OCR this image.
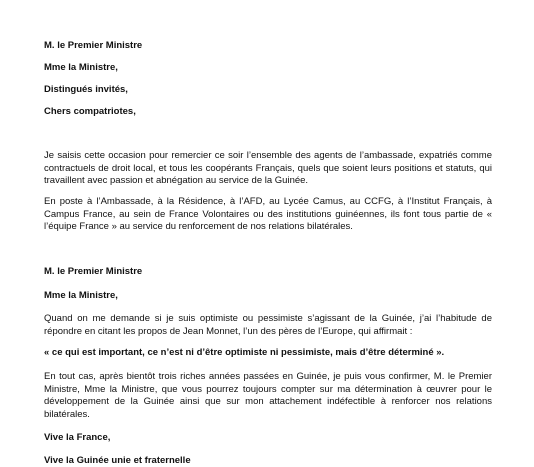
M. le Premier Ministre
Mme la Ministre,
Distingués invités,
Chers compatriotes,
Je saisis cette occasion pour remercier ce soir l’ensemble des agents de l’ambassade, expatriés comme contractuels de droit local, et tous les coopérants Français, quels que soient leurs positions et statuts, qui travaillent avec passion et abnégation au service de la Guinée.
En poste à l’Ambassade, à la Résidence, à l’AFD, au Lycée Camus, au CCFG, à l’Institut Français, à Campus France, au sein de France Volontaires ou des institutions guinéennes, ils font tous partie de « l’équipe France » au service du renforcement de nos relations bilatérales.
M. le Premier Ministre
Mme la Ministre,
Quand on me demande si je suis optimiste ou pessimiste s’agissant de la Guinée, j’ai l’habitude de répondre en citant les propos de Jean Monnet, l’un des pères de l’Europe, qui affirmait :
« ce qui est important, ce n’est ni d’être optimiste ni pessimiste, mais d’être déterminé ».
En tout cas, après bientôt trois riches années passées en Guinée, je puis vous confirmer, M. le Premier Ministre, Mme la Ministre, que vous pourrez toujours compter sur ma détermination à œuvrer pour le développement de la Guinée ainsi que sur mon attachement indéfectible à renforcer nos relations bilatérales.
Vive la France,
Vive la Guinée unie et fraternelle
